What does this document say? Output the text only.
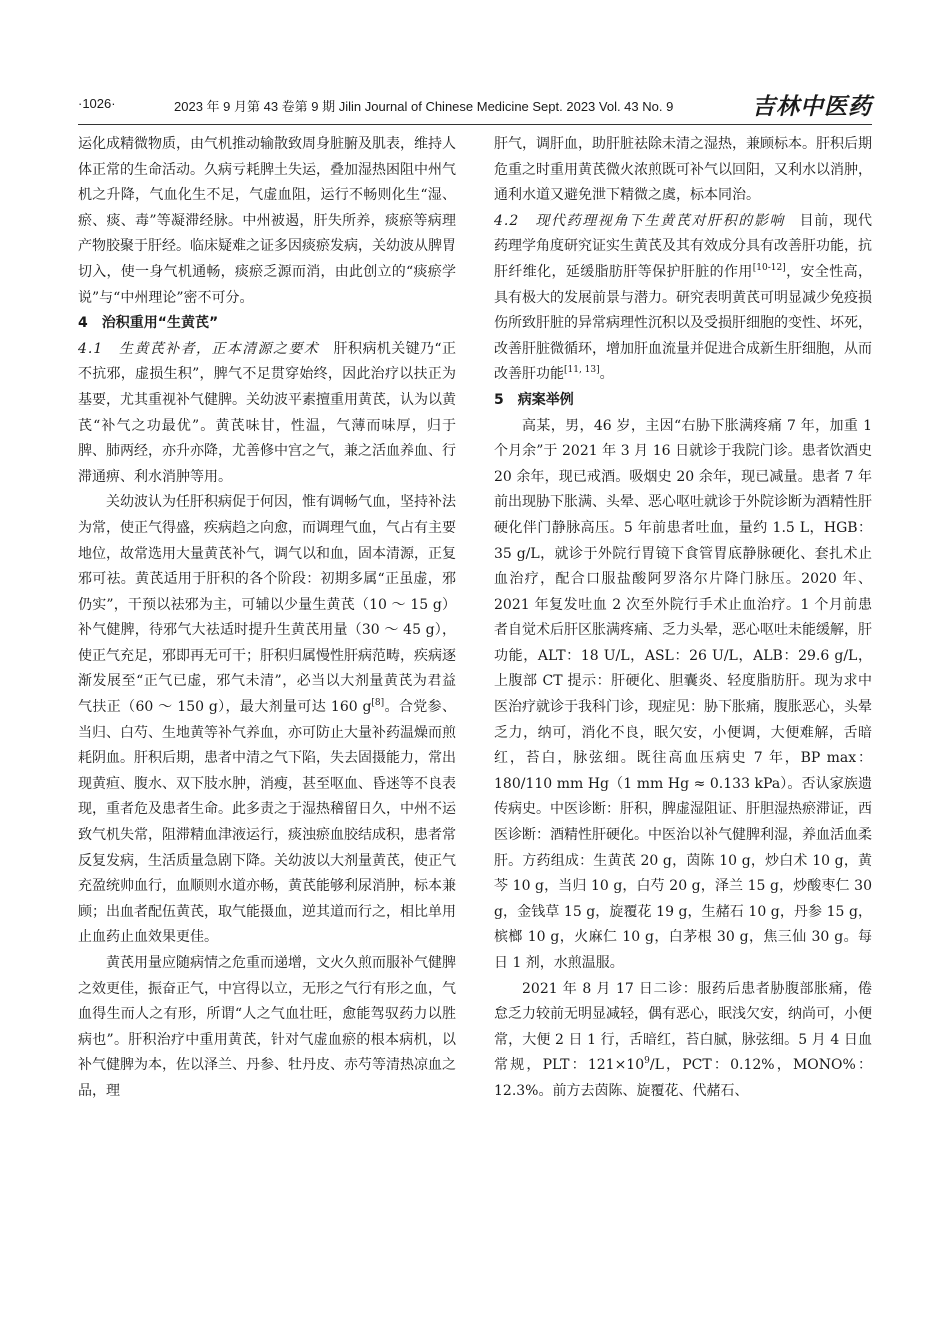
·1026·	2023 年 9 月第 43 卷第 9 期 Jilin Journal of Chinese Medicine Sept. 2023 Vol. 43 No. 9	吉林中医药

运化成精微物质，由气机推动输散致周身脏腑及肌表，维持人体正常的生命活动。久病亏耗脾土失运，叠加湿热困阻中州气机之升降，气血化生不足，气虚血阻，运行不畅则化生“湿、瘀、痰、毒”等凝滞经脉。中州被遏，肝失所养，痰瘀等病理产物胶聚于肝经。临床疑难之证多因痰瘀发病，关幼波从脾胃切入，使一身气机通畅，痰瘀乏源而消，由此创立的“痰瘀学说”与“中州理论”密不可分。

4　治积重用“生黄芪”

4.1　生黄芪补者，正本清源之要术　肝积病机关键乃“正不抗邪，虚损生积”，脾气不足贯穿始终，因此治疗以扶正为基要，尤其重视补气健脾。关幼波平素擅重用黄芪，认为以黄芪“补气之功最优”。黄芪味甘，性温，气薄而味厚，归于脾、肺两经，亦升亦降，尤善修中宫之气，兼之活血养血、行滞通痹、利水消肿等用。

关幼波认为任肝积病促于何因，惟有调畅气血，坚持补法为常，使正气得盛，疾病趋之向愈，而调理气血，气占有主要地位，故常选用大量黄芪补气，调气以和血，固本清源，正复邪可祛。黄芪适用于肝积的各个阶段：初期多属“正虽虚，邪仍实”，干预以祛邪为主，可辅以少量生黄芪（10 ～ 15 g）补气健脾，待邪气大祛适时提升生黄芪用量（30 ～ 45 g），使正气充足，邪即再无可干；肝积归属慢性肝病范畴，疾病逐渐发展至“正气已虚，邪气未清”，必当以大剂量黄芪为君益气扶正（60 ～ 150 g），最大剂量可达 160 g[8]。合党参、当归、白芍、生地黄等补气养血，亦可防止大量补药温燥而煎耗阴血。肝积后期，患者中清之气下陷，失去固摄能力，常出现黄疸、腹水、双下肢水肿，消瘦，甚至呕血、昏迷等不良表现，重者危及患者生命。此多责之于湿热稽留日久，中州不运致气机失常，阻滞精血津液运行，痰浊瘀血胶结成积，患者常反复发病，生活质量急剧下降。关幼波以大剂量黄芪，使正气充盈统帅血行，血顺则水道亦畅，黄芪能够利尿消肿，标本兼顾；出血者配伍黄芪，取气能摄血，逆其道而行之，相比单用止血药止血效果更佳。

黄芪用量应随病情之危重而递增，文火久煎而服补气健脾之效更佳，振奋正气，中宫得以立，无形之气行有形之血，气血得生而人之有形，所谓“人之气血壮旺，愈能驾驭药力以胜病也”。肝积治疗中重用黄芪，针对气虚血瘀的根本病机，以补气健脾为本，佐以泽兰、丹参、牡丹皮、赤芍等清热凉血之品，理

肝气，调肝血，助肝脏祛除未清之湿热，兼顾标本。肝积后期危重之时重用黄芪微火浓煎既可补气以回阳，又利水以消肿，通利水道又避免泄下精微之虞，标本同治。

4.2　现代药理视角下生黄芪对肝积的影响　目前，现代药理学角度研究证实生黄芪及其有效成分具有改善肝功能，抗肝纤维化，延缓脂肪肝等保护肝脏的作用[10-12]，安全性高，具有极大的发展前景与潜力。研究表明黄芪可明显减少免疫损伤所致肝脏的异常病理性沉积以及受损肝细胞的变性、坏死，改善肝脏微循环，增加肝血流量并促进合成新生肝细胞，从而改善肝功能[11, 13]。

5　病案举例

高某，男，46 岁，主因“右胁下胀满疼痛 7 年，加重 1 个月余”于 2021 年 3 月 16 日就诊于我院门诊。患者饮酒史 20 余年，现已戒酒。吸烟史 20 余年，现已减量。患者 7 年前出现胁下胀满、头晕、恶心呕吐就诊于外院诊断为酒精性肝硬化伴门静脉高压。5 年前患者吐血，量约 1.5 L，HGB：35 g/L，就诊于外院行胃镜下食管胃底静脉硬化、套扎术止血治疗，配合口服盐酸阿罗洛尔片降门脉压。2020 年、2021 年复发吐血 2 次至外院行手术止血治疗。1 个月前患者自觉术后肝区胀满疼痛、乏力头晕，恶心呕吐未能缓解，肝功能，ALT：18 U/L，ASL：26 U/L，ALB：29.6 g/L，上腹部 CT 提示：肝硬化、胆囊炎、轻度脂肪肝。现为求中医治疗就诊于我科门诊，现症见：胁下胀痛，腹胀恶心，头晕乏力，纳可，消化不良，眠欠安，小便调，大便难解，舌暗红，苔白，脉弦细。既往高血压病史 7 年，BP max：180/110 mm Hg（1 mm Hg ≈ 0.133 kPa）。否认家族遗传病史。中医诊断：肝积，脾虚湿阻证、肝胆湿热瘀滞证，西医诊断：酒精性肝硬化。中医治以补气健脾利湿，养血活血柔肝。方药组成：生黄芪 20 g，茵陈 10 g，炒白术 10 g，黄芩 10 g，当归 10 g，白芍 20 g，泽兰 15 g，炒酸枣仁 30 g，金钱草 15 g，旋覆花 19 g，生赭石 10 g，丹参 15 g，槟榔 10 g，火麻仁 10 g，白茅根 30 g，焦三仙 30 g。每日 1 剂，水煎温服。

2021 年 8 月 17 日二诊：服药后患者胁腹部胀痛，倦怠乏力较前无明显减轻，偶有恶心，眠浅欠安，纳尚可，小便常，大便 2 日 1 行，舌暗红，苔白腻，脉弦细。5 月 4 日血常规，PLT：$121\times 10^9/L$，PCT：0.12%，MONO%：12.3%。前方去茵陈、旋覆花、代赭石、
